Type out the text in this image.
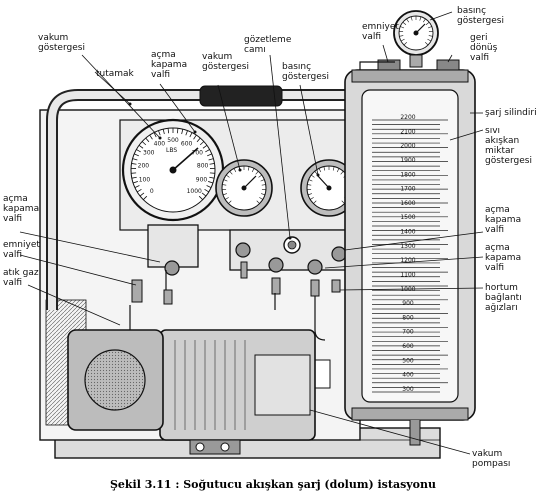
0
100
200
300
400 500 600
700
800
900
1000
LBS
2200
2100
2000
1900
1800
1700
1600
1500
1400
1300
1200
1100
1000
900
800
700
600
500
400
300
vakum
göstergesi
tutamak
açma
kapama
valfi
vakum
göstergesi
gözetleme
camı
basınç
göstergesi
emniyet
valfi
basınç
göstergesi
geri
dönüş
valfi
şarj silindiri
sıvı
akışkan
miktar
göstergesi
açma
kapama
valfi
emniyet
valfi
atık gaz
valfi
açma
kapama
valfi
açma
kapama
valfi
hortum
bağlantı
ağızları
vakum
pompası
Şekil 3.11 : Soğutucu akışkan şarj (dolum) istasyonu
